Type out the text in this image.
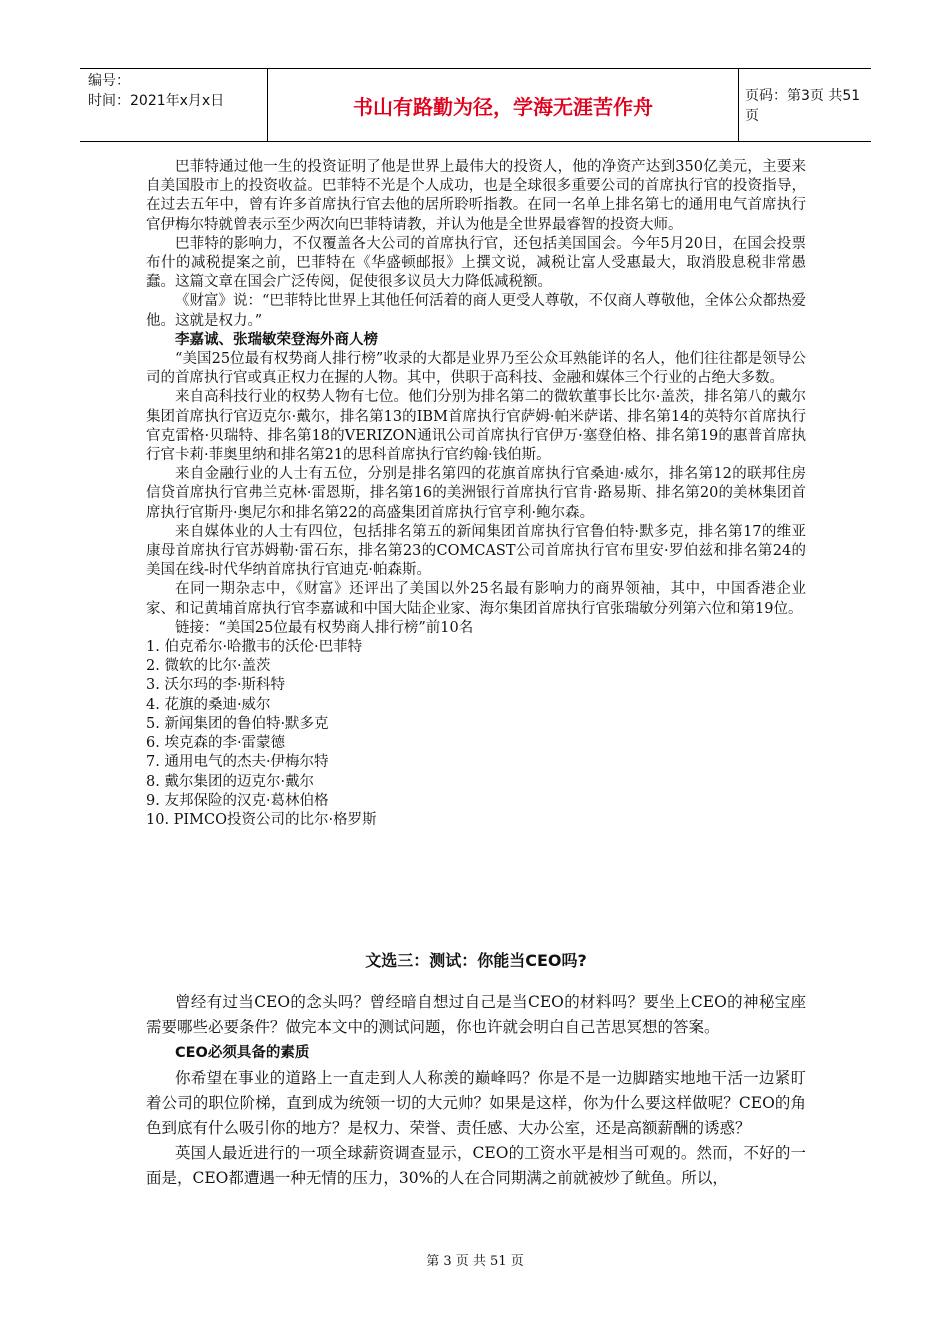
编号：
时间：2021年x月x日	书山有路勤为径，学海无涯苦作舟	页码：第3页 共51页

巴菲特通过他一生的投资证明了他是世界上最伟大的投资人，他的净资产达到350亿美元，主要来自美国股市上的投资收益。巴菲特不光是个人成功，也是全球很多重要公司的首席执行官的投资指导，在过去五年中，曾有许多首席执行官去他的居所聆听指教。在同一名单上排名第七的通用电气首席执行官伊梅尔特就曾表示至少两次向巴菲特请教，并认为他是全世界最睿智的投资大师。

巴菲特的影响力，不仅覆盖各大公司的首席执行官，还包括美国国会。今年5月20日，在国会投票布什的减税提案之前，巴菲特在《华盛顿邮报》上撰文说，减税让富人受惠最大，取消股息税非常愚蠢。这篇文章在国会广泛传阅，促使很多议员大力降低减税额。

《财富》说：“巴菲特比世界上其他任何活着的商人更受人尊敬，不仅商人尊敬他，全体公众都热爱他。这就是权力。”

李嘉诚、张瑞敏荣登海外商人榜

“美国25位最有权势商人排行榜”收录的大都是业界乃至公众耳熟能详的名人，他们往往都是领导公司的首席执行官或真正权力在握的人物。其中，供职于高科技、金融和媒体三个行业的占绝大多数。

来自高科技行业的权势人物有七位。他们分别为排名第二的微软董事长比尔·盖茨，排名第八的戴尔集团首席执行官迈克尔·戴尔，排名第13的IBM首席执行官萨姆·帕米萨诺、排名第14的英特尔首席执行官克雷格·贝瑞特、排名第18的VERIZON通讯公司首席执行官伊万·塞登伯格、排名第19的惠普首席执行官卡莉·菲奥里纳和排名第21的思科首席执行官约翰·钱伯斯。

来自金融行业的人士有五位，分别是排名第四的花旗首席执行官桑迪·威尔，排名第12的联邦住房信贷首席执行官弗兰克林·雷恩斯，排名第16的美洲银行首席执行官肯·路易斯、排名第20的美林集团首席执行官斯丹·奥尼尔和排名第22的高盛集团首席执行官亨利·鲍尔森。

来自媒体业的人士有四位，包括排名第五的新闻集团首席执行官鲁伯特·默多克，排名第17的维亚康母首席执行官苏姆勒·雷石东，排名第23的COMCAST公司首席执行官布里安·罗伯兹和排名第24的美国在线-时代华纳首席执行官迪克·帕森斯。

在同一期杂志中，《财富》还评出了美国以外25名最有影响力的商界领袖，其中，中国香港企业家、和记黄埔首席执行官李嘉诚和中国大陆企业家、海尔集团首席执行官张瑞敏分列第六位和第19位。

链接：“美国25位最有权势商人排行榜”前10名

1. 伯克希尔·哈撒韦的沃伦·巴菲特
2. 微软的比尔·盖茨
3. 沃尔玛的李·斯科特
4. 花旗的桑迪·威尔
5. 新闻集团的鲁伯特·默多克
6. 埃克森的李·雷蒙德
7. 通用电气的杰夫·伊梅尔特
8. 戴尔集团的迈克尔·戴尔
9. 友邦保险的汉克·葛林伯格
10. PIMCO投资公司的比尔·格罗斯
文选三：测试：你能当CEO吗?

曾经有过当CEO的念头吗？曾经暗自想过自己是当CEO的材料吗？要坐上CEO的神秘宝座需要哪些必要条件？做完本文中的测试问题，你也许就会明白自己苦思冥想的答案。

CEO必须具备的素质

你希望在事业的道路上一直走到人人称羡的巅峰吗？你是不是一边脚踏实地地干活一边紧盯着公司的职位阶梯，直到成为统领一切的大元帅？如果是这样，你为什么要这样做呢？CEO的角色到底有什么吸引你的地方？是权力、荣誉、责任感、大办公室，还是高额薪酬的诱惑？

英国人最近进行的一项全球薪资调查显示，CEO的工资水平是相当可观的。然而，不好的一面是，CEO都遭遇一种无情的压力，30%的人在合同期满之前就被炒了鱿鱼。所以，

第 3 页 共 51 页
